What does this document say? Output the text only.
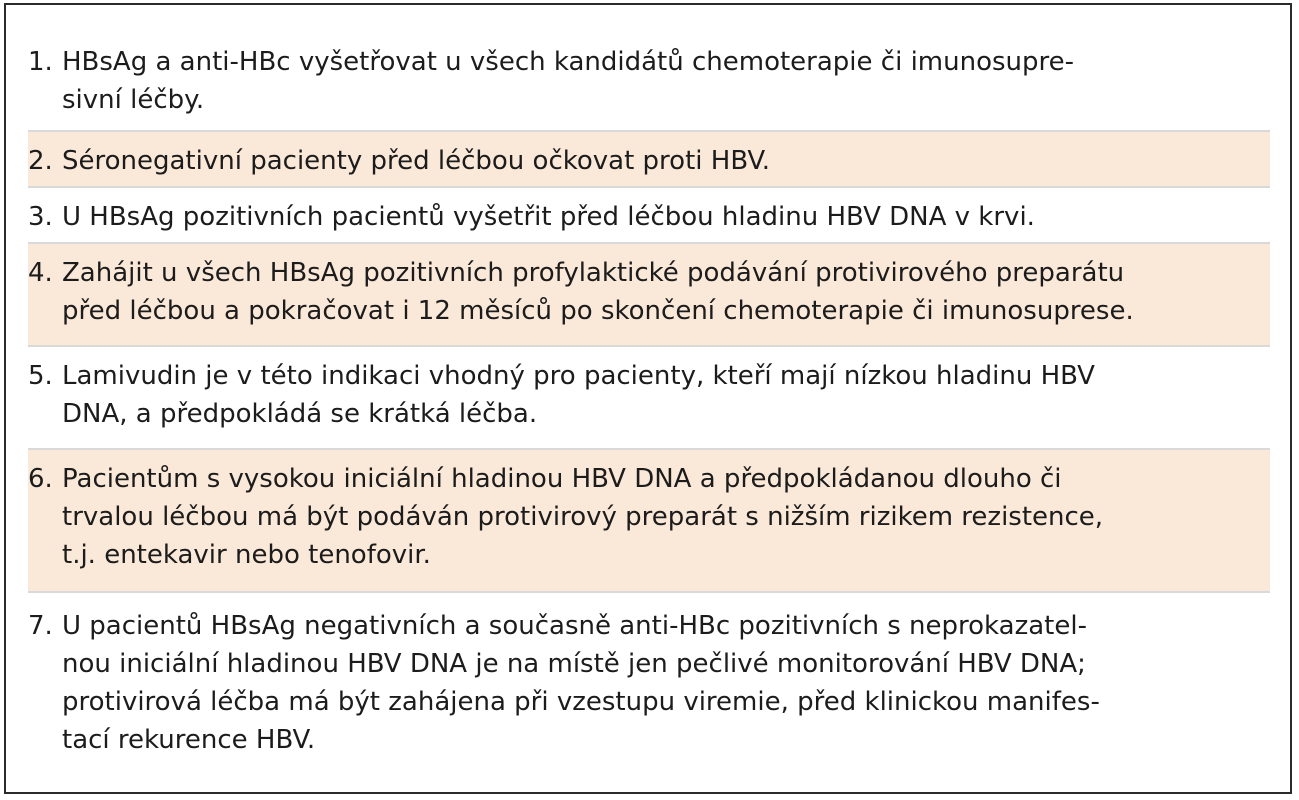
1. HBsAg a anti-HBc vyšetřovat u všech kandidátů chemoterapie či imunosupre-
sivní léčby.
2. Séronegativní pacienty před léčbou očkovat proti HBV.
3. U HBsAg pozitivních pacientů vyšetřit před léčbou hladinu HBV DNA v krvi.
4. Zahájit u všech HBsAg pozitivních profylaktické podávání protivirového preparátu
před léčbou a pokračovat i 12 měsíců po skončení chemoterapie či imunosuprese.
5. Lamivudin je v této indikaci vhodný pro pacienty, kteří mají nízkou hladinu HBV
DNA, a předpokládá se krátká léčba.
6. Pacientům s vysokou iniciální hladinou HBV DNA a předpokládanou dlouho či
trvalou léčbou má být podáván protivirový preparát s nižším rizikem rezistence,
t.j. entekavir nebo tenofovir.
7. U pacientů HBsAg negativních a současně anti-HBc pozitivních s neprokazatel-
nou iniciální hladinou HBV DNA je na místě jen pečlivé monitorování HBV DNA;
protivirová léčba má být zahájena při vzestupu viremie, před klinickou manifes-
tací rekurence HBV.
